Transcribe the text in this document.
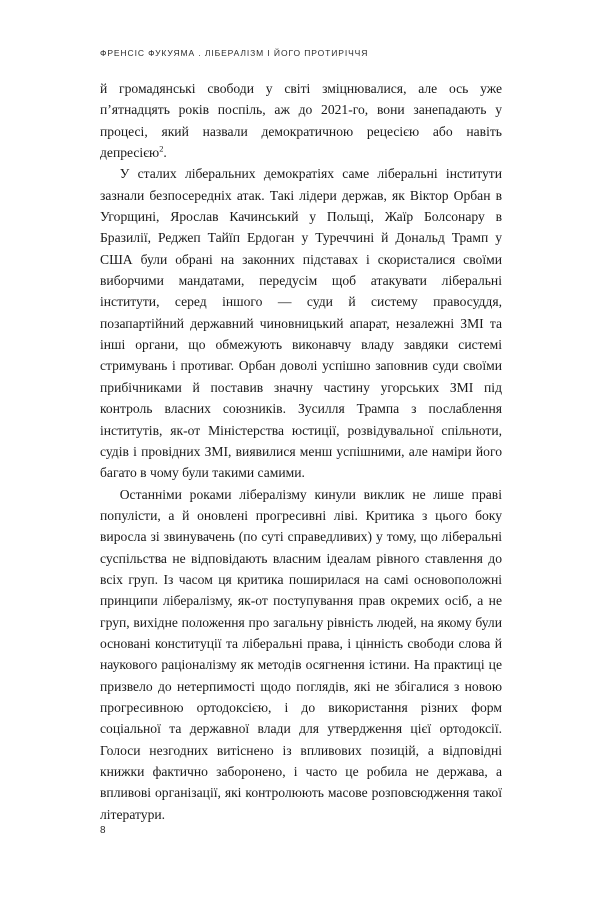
ФРЕНСІС ФУКУЯМА . ЛІБЕРАЛІЗМ І ЙОГО ПРОТИРІЧЧЯ

й громадянські свободи у світі зміцнювалися, але ось уже п’ятнадцять років поспіль, аж до 2021-го, вони занепадають у процесі, який назвали демократичною рецесією або навіть депресією$^2$.

У сталих ліберальних демократіях саме ліберальні інститути зазнали безпосередніх атак. Такі лідери держав, як Віктор Орбан в Угорщині, Ярослав Качинський у Польщі, Жаїр Болсонару в Бразилії, Реджеп Тайїп Ердоган у Туреччині й Дональд Трамп у США були обрані на законних підставах і скористалися своїми виборчими мандатами, передусім щоб атакувати ліберальні інститути, серед іншого — суди й систему правосуддя, позапартійний державний чиновницький апарат, незалежні ЗМІ та інші органи, що обмежують виконавчу владу завдяки системі стримувань і противаг. Орбан доволі успішно заповнив суди своїми прибічниками й поставив значну частину угорських ЗМІ під контроль власних союзників. Зусилля Трампа з послаблення інститутів, як-от Міністерства юстиції, розвідувальної спільноти, судів і провідних ЗМІ, виявилися менш успішними, але наміри його багато в чому були такими самими.

Останніми роками лібералізму кинули виклик не лише праві популісти, а й оновлені прогресивні ліві. Критика з цього боку виросла зі звинувачень (по суті справедливих) у тому, що ліберальні суспільства не відповідають власним ідеалам рівного ставлення до всіх груп. Із часом ця критика поширилася на самі основоположні принципи лібералізму, як-от поступування прав окремих осіб, а не груп, вихідне положення про загальну рівність людей, на якому були основані конституції та ліберальні права, і цінність свободи слова й наукового раціоналізму як методів осягнення істини. На практиці це призвело до нетерпимості щодо поглядів, які не збігалися з новою прогресивною ортодоксією, і до використання різних форм соціальної та державної влади для утвердження цієї ортодоксії. Голоси незгодних витіснено із впливових позицій, а відповідні книжки фактично заборонено, і часто це робила не держава, а впливові організації, які контролюють масове розповсюдження такої літератури.

8
